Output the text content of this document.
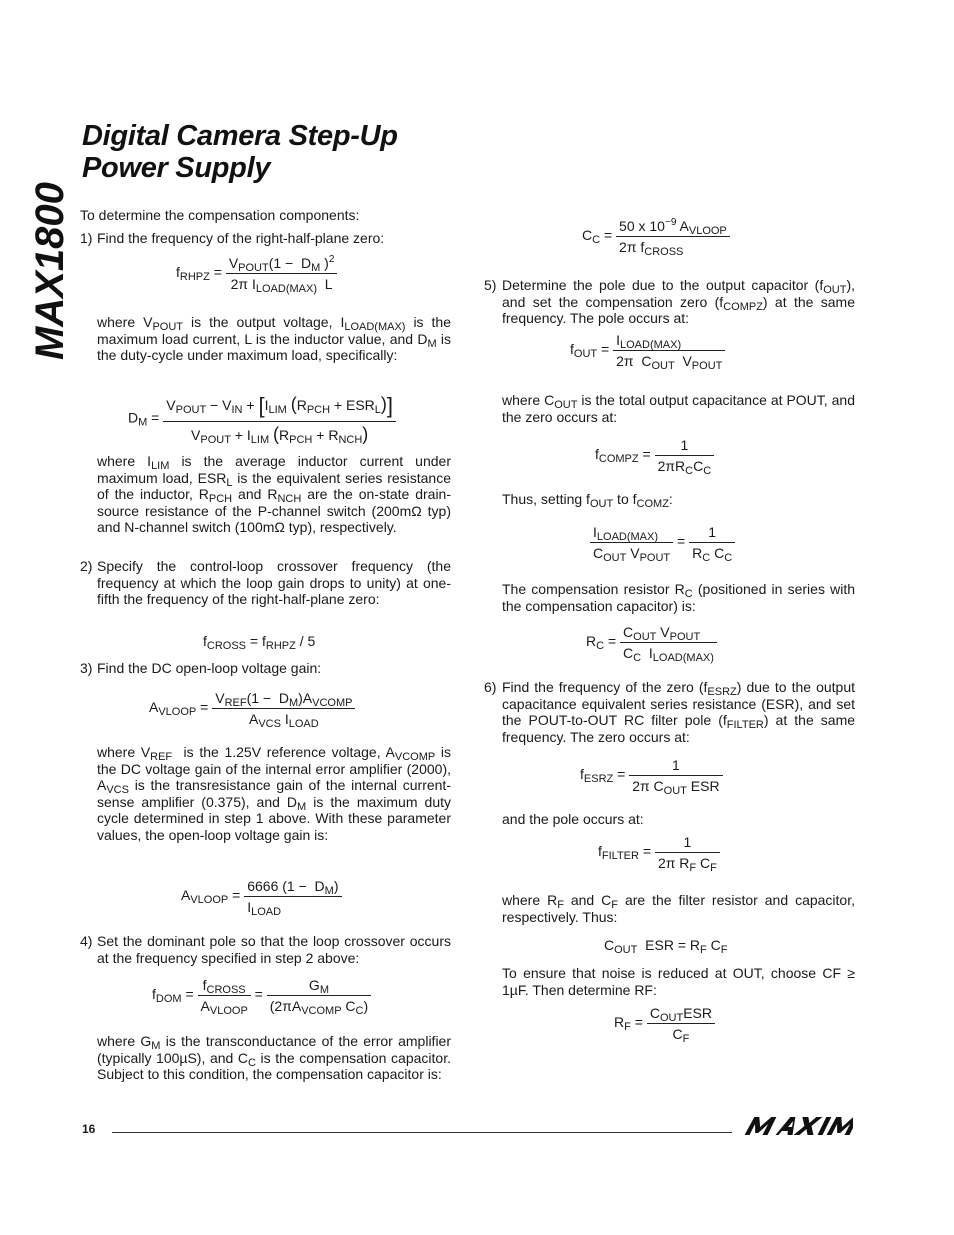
Digital Camera Step-Up
Power Supply
MAX1800 To determine the compensation components:
1) Find the frequency of the right-half-plane zero:
$f_{RHPZ} = \frac{V_{POUT}(1 - D_M )^2}{2\pi I_{LOAD(MAX)} L}$
where $V_{POUT}$ is the output voltage, $I_{LOAD(MAX)}$ is the maximum load current, L is the inductor value, and $D_M$ is the duty-cycle under maximum load, specifically:
$D_M = \frac{V_{POUT} - V_{IN} + [I_{LIM} (R_{PCH} + ESR_L)]}{V_{POUT} + I_{LIM} (R_{PCH} + R_{NCH})}$
where $I_{LIM}$ is the average inductor current under maximum load, $ESR_L$ is the equivalent series resistance of the inductor, $R_{PCH}$ and $R_{NCH}$ are the on-state drain-source resistance of the P-channel switch (200mΩ typ) and N-channel switch (100mΩ typ), respectively.
2) Specify the control-loop crossover frequency (the frequency at which the loop gain drops to unity) at one-fifth the frequency of the right-half-plane zero:
$f_{CROSS} = f_{RHPZ} / 5$
3) Find the DC open-loop voltage gain:
$A_{VLOOP} = \frac{V_{REF}(1 - D_M)A_{VCOMP}}{A_{VCS} I_{LOAD}}$
where $V_{REF}$  is the 1.25V reference voltage, $A_{VCOMP}$ is the DC voltage gain of the internal error amplifier (2000), $A_{VCS}$ is the transresistance gain of the internal current-sense amplifier (0.375), and $D_M$ is the maximum duty cycle determined in step 1 above. With these parameter values, the open-loop voltage gain is:
$A_{VLOOP} = \frac{6666 (1 - D_M)}{I_{LOAD}}$
4) Set the dominant pole so that the loop crossover occurs at the frequency specified in step 2 above:
$f_{DOM} = \frac{f_{CROSS}}{A_{VLOOP}} = \frac{G_M}{(2\pi A_{VCOMP} C_C)}$
where $G_M$ is the transconductance of the error amplifier (typically 100µS), and $C_C$ is the compensation capacitor. Subject to this condition, the compensation capacitor is:
$C_C = \frac{50 x 10^{-9} A_{VLOOP}}{2\pi f_{CROSS}}$
5) Determine the pole due to the output capacitor $(f_{OUT})$, and set the compensation zero $(f_{COMPZ})$ at the same frequency. The pole occurs at:
$f_{OUT} = \frac{I_{LOAD(MAX)}}{2\pi C_{OUT} V_{POUT}}$
where $C_{OUT}$ is the total output capacitance at POUT, and the zero occurs at:
$f_{COMPZ} = \frac{1}{2\pi R_CC_C}$
Thus, setting $f_{OUT}$ to $f_{COMZ}$:
$\frac{I_{LOAD(MAX)}}{C_{OUT} V_{POUT}} = \frac{1}{R_C C_C}$
The compensation resistor $R_C$ (positioned in series with the compensation capacitor) is:
$R_C = \frac{C_{OUT} V_{POUT}}{C_C I_{LOAD(MAX)}}$
6) Find the frequency of the zero $(f_{ESRZ})$ due to the output capacitance equivalent series resistance (ESR), and set the POUT-to-OUT RC filter pole $(f_{FILTER})$ at the same frequency. The zero occurs at:
$f_{ESRZ} = \frac{1}{2\pi C_{OUT} ESR}$
and the pole occurs at:
$f_{FILTER} = \frac{1}{2\pi R_F C_F}$
where $R_F$ and $C_F$ are the filter resistor and capacitor, respectively. Thus:
$C_{OUT}$  ESR = $R_F$ $C_F$
To ensure that noise is reduced at OUT, choose CF ≥ 1µF. Then determine RF:
$R_F = \frac{C_{OUT}ESR}{C_F}$
16
